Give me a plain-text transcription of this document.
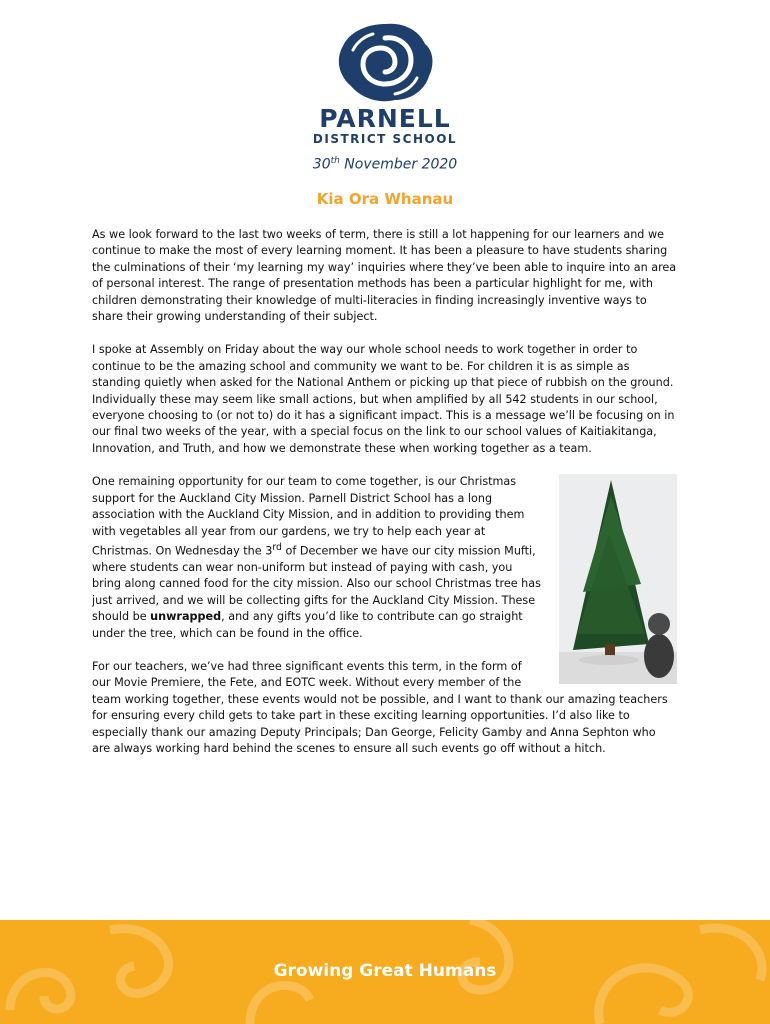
PARNELL
DISTRICT SCHOOL
30th November 2020
Kia Ora Whanau

As we look forward to the last two weeks of term, there is still a lot happening for our learners and we continue to make the most of every learning moment. It has been a pleasure to have students sharing the culminations of their ‘my learning my way’ inquiries where they’ve been able to inquire into an area of personal interest. The range of presentation methods has been a particular highlight for me, with children demonstrating their knowledge of multi-literacies in finding increasingly inventive ways to share their growing understanding of their subject.

I spoke at Assembly on Friday about the way our whole school needs to work together in order to continue to be the amazing school and community we want to be. For children it is as simple as standing quietly when asked for the National Anthem or picking up that piece of rubbish on the ground. Individually these may seem like small actions, but when amplified by all 542 students in our school, everyone choosing to (or not to) do it has a significant impact. This is a message we’ll be focusing on in our final two weeks of the year, with a special focus on the link to our school values of Kaitiakitanga, Innovation, and Truth, and how we demonstrate these when working together as a team.

One remaining opportunity for our team to come together, is our Christmas support for the Auckland City Mission. Parnell District School has a long association with the Auckland City Mission, and in addition to providing them with vegetables all year from our gardens, we try to help each year at Christmas. On Wednesday the 3rd of December we have our city mission Mufti, where students can wear non-uniform but instead of paying with cash, you bring along canned food for the city mission. Also our school Christmas tree has just arrived, and we will be collecting gifts for the Auckland City Mission. These should be unwrapped, and any gifts you’d like to contribute can go straight under the tree, which can be found in the office.

For our teachers, we’ve had three significant events this term, in the form of our Movie Premiere, the Fete, and EOTC week. Without every member of the team working together, these events would not be possible, and I want to thank our amazing teachers for ensuring every child gets to take part in these exciting learning opportunities. I’d also like to especially thank our amazing Deputy Principals; Dan George, Felicity Gamby and Anna Sephton who are always working hard behind the scenes to ensure all such events go off without a hitch.

Growing Great Humans
